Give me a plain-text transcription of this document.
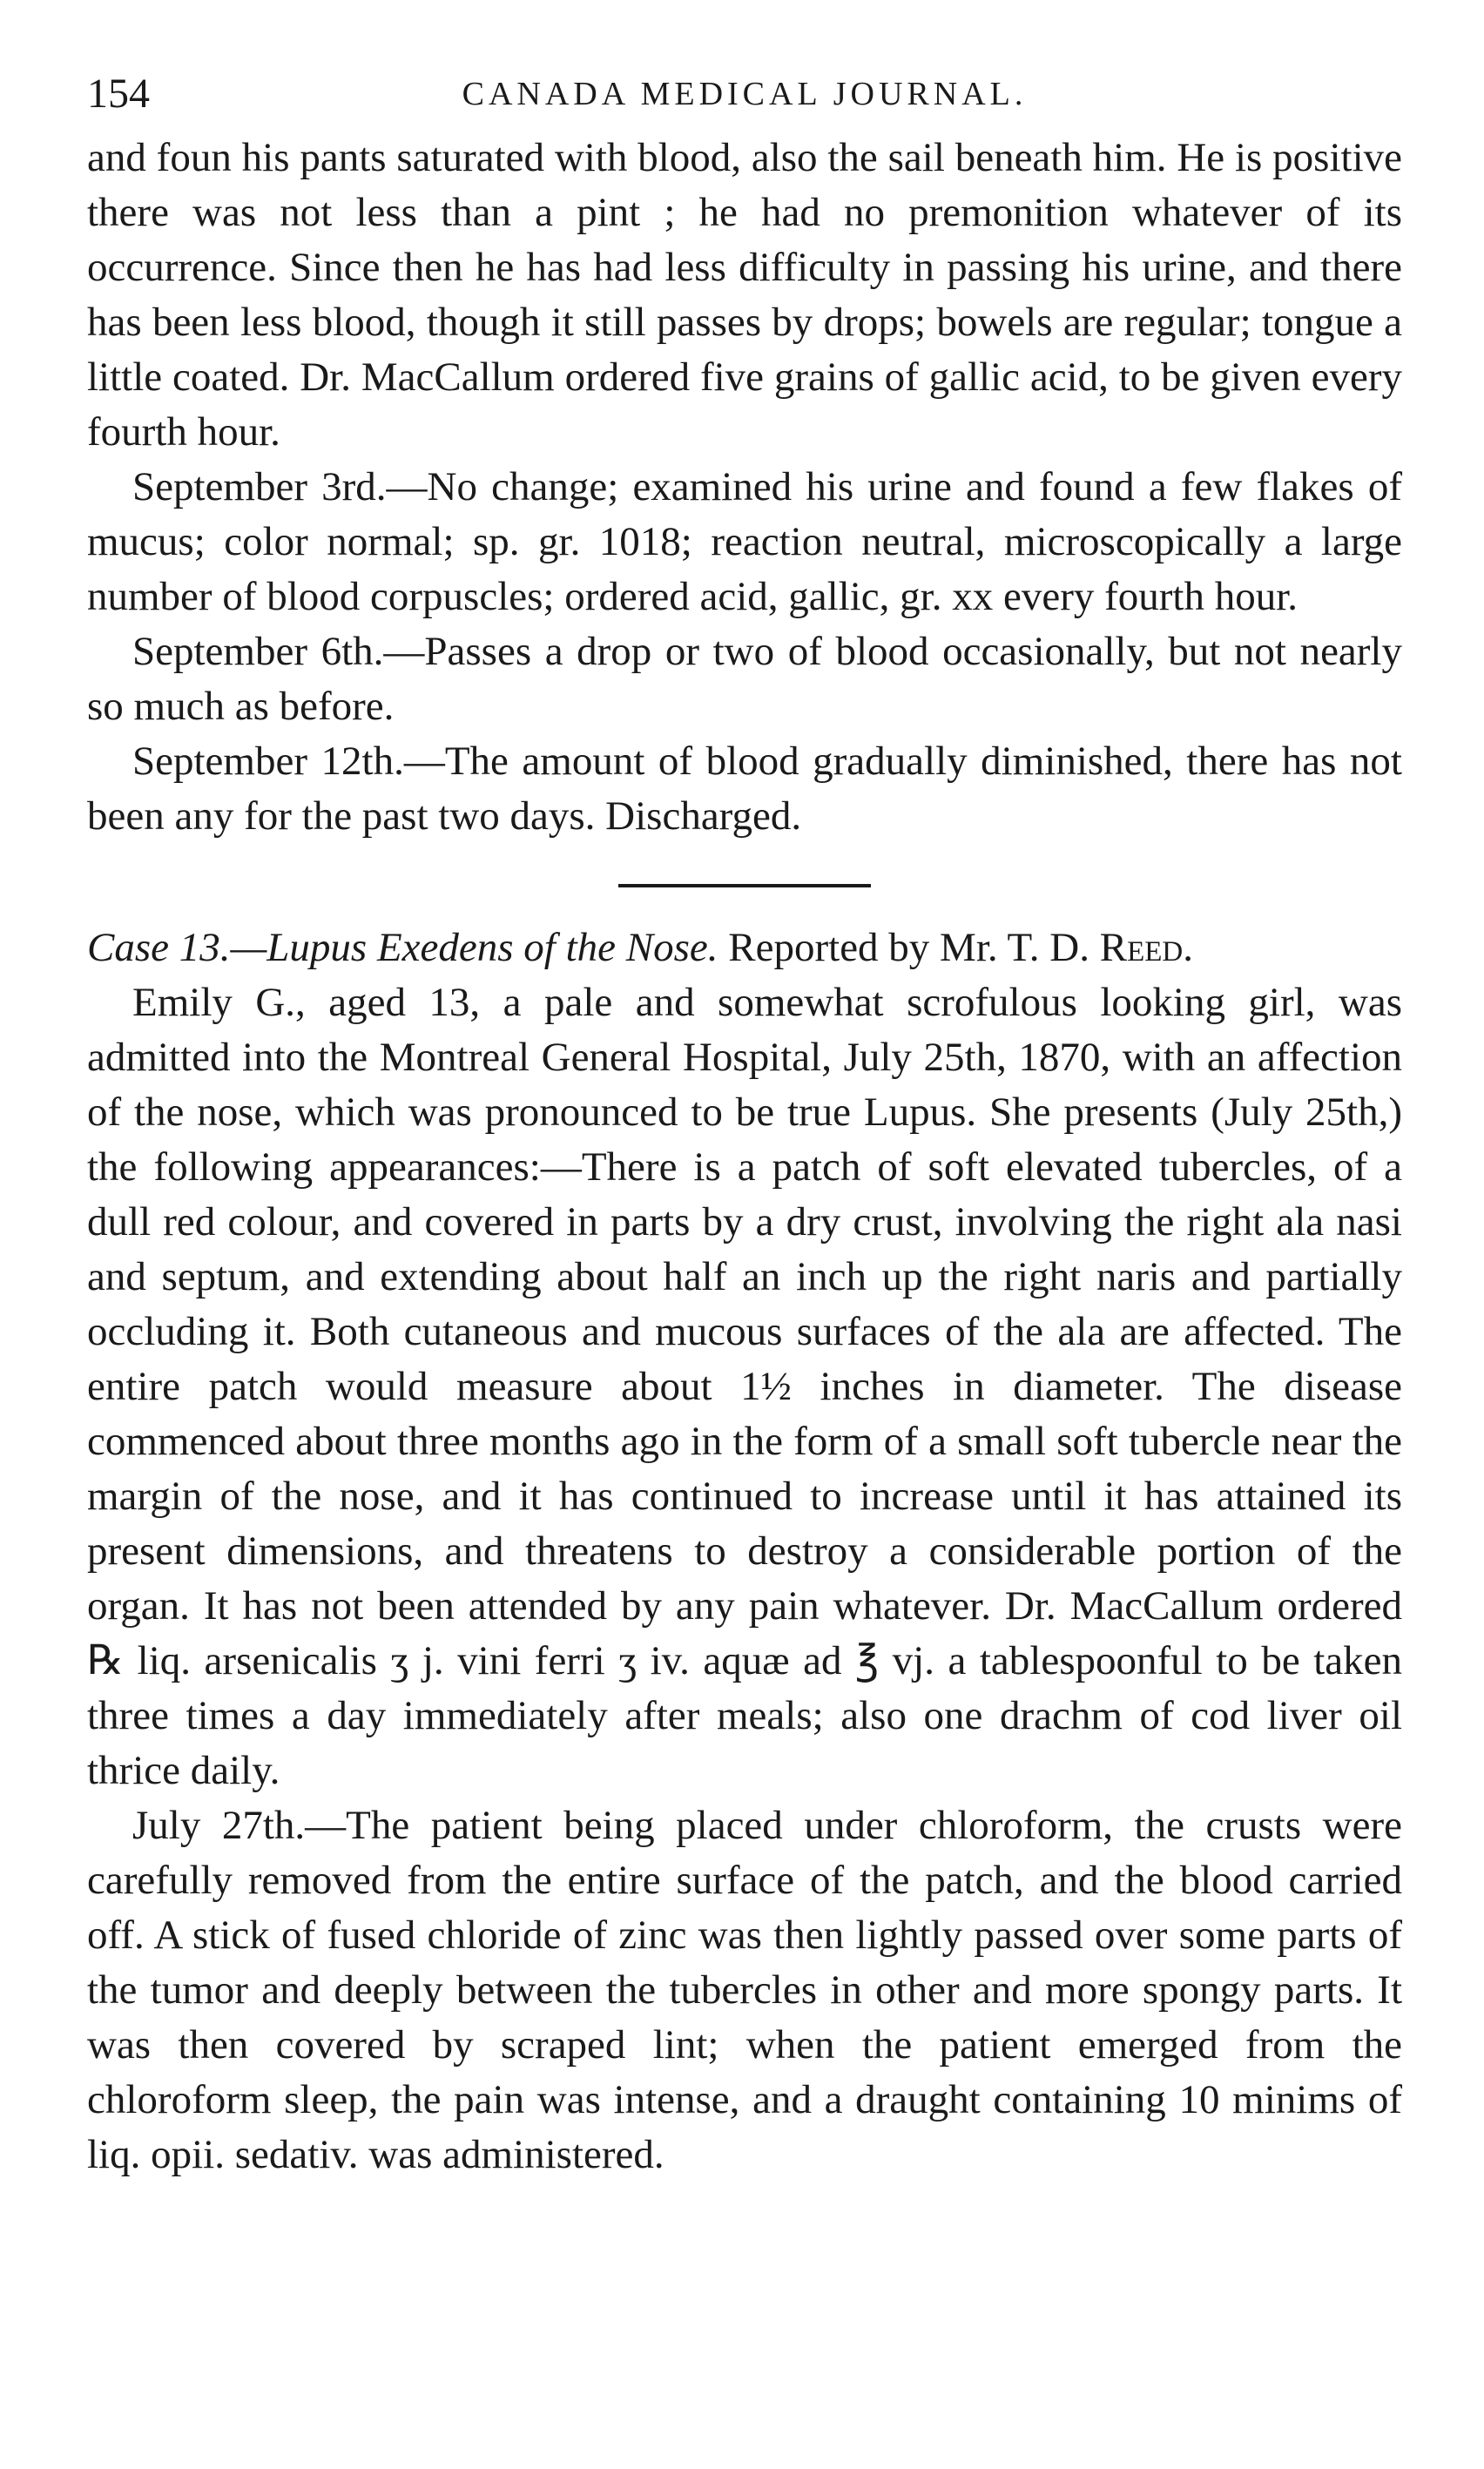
154	CANADA MEDICAL JOURNAL.

and foun his pants saturated with blood, also the sail beneath him. He is positive there was not less than a pint ; he had no premonition whatever of its occurrence. Since then he has had less difficulty in passing his urine, and there has been less blood, though it still passes by drops; bowels are regular; tongue a little coated. Dr. MacCallum ordered five grains of gallic acid, to be given every fourth hour.

September 3rd.—No change; examined his urine and found a few flakes of mucus; color normal; sp. gr. 1018; reaction neutral, microscopically a large number of blood corpuscles; ordered acid, gallic, gr. xx every fourth hour.

September 6th.—Passes a drop or two of blood occasionally, but not nearly so much as before.

September 12th.—The amount of blood gradually diminished, there has not been any for the past two days. Discharged.

Case 13.—Lupus Exedens of the Nose. Reported by Mr. T. D. Reed.

Emily G., aged 13, a pale and somewhat scrofulous looking girl, was admitted into the Montreal General Hospital, July 25th, 1870, with an affection of the nose, which was pronounced to be true Lupus. She presents (July 25th,) the following appearances:—There is a patch of soft elevated tubercles, of a dull red colour, and covered in parts by a dry crust, involving the right ala nasi and septum, and extending about half an inch up the right naris and partially occluding it. Both cutaneous and mucous surfaces of the ala are affected. The entire patch would measure about 1½ inches in diameter. The disease commenced about three months ago in the form of a small soft tubercle near the margin of the nose, and it has continued to increase until it has attained its present dimensions, and threatens to destroy a considerable portion of the organ. It has not been attended by any pain whatever. Dr. MacCallum ordered ℞ liq. arsenicalis ʒ j. vini ferri ʒ iv. aquæ ad ℥ vj. a tablespoonful to be taken three times a day immediately after meals; also one drachm of cod liver oil thrice daily.

July 27th.—The patient being placed under chloroform, the crusts were carefully removed from the entire surface of the patch, and the blood carried off. A stick of fused chloride of zinc was then lightly passed over some parts of the tumor and deeply between the tubercles in other and more spongy parts. It was then covered by scraped lint; when the patient emerged from the chloroform sleep, the pain was intense, and a draught containing 10 minims of liq. opii. sedativ. was administered.
